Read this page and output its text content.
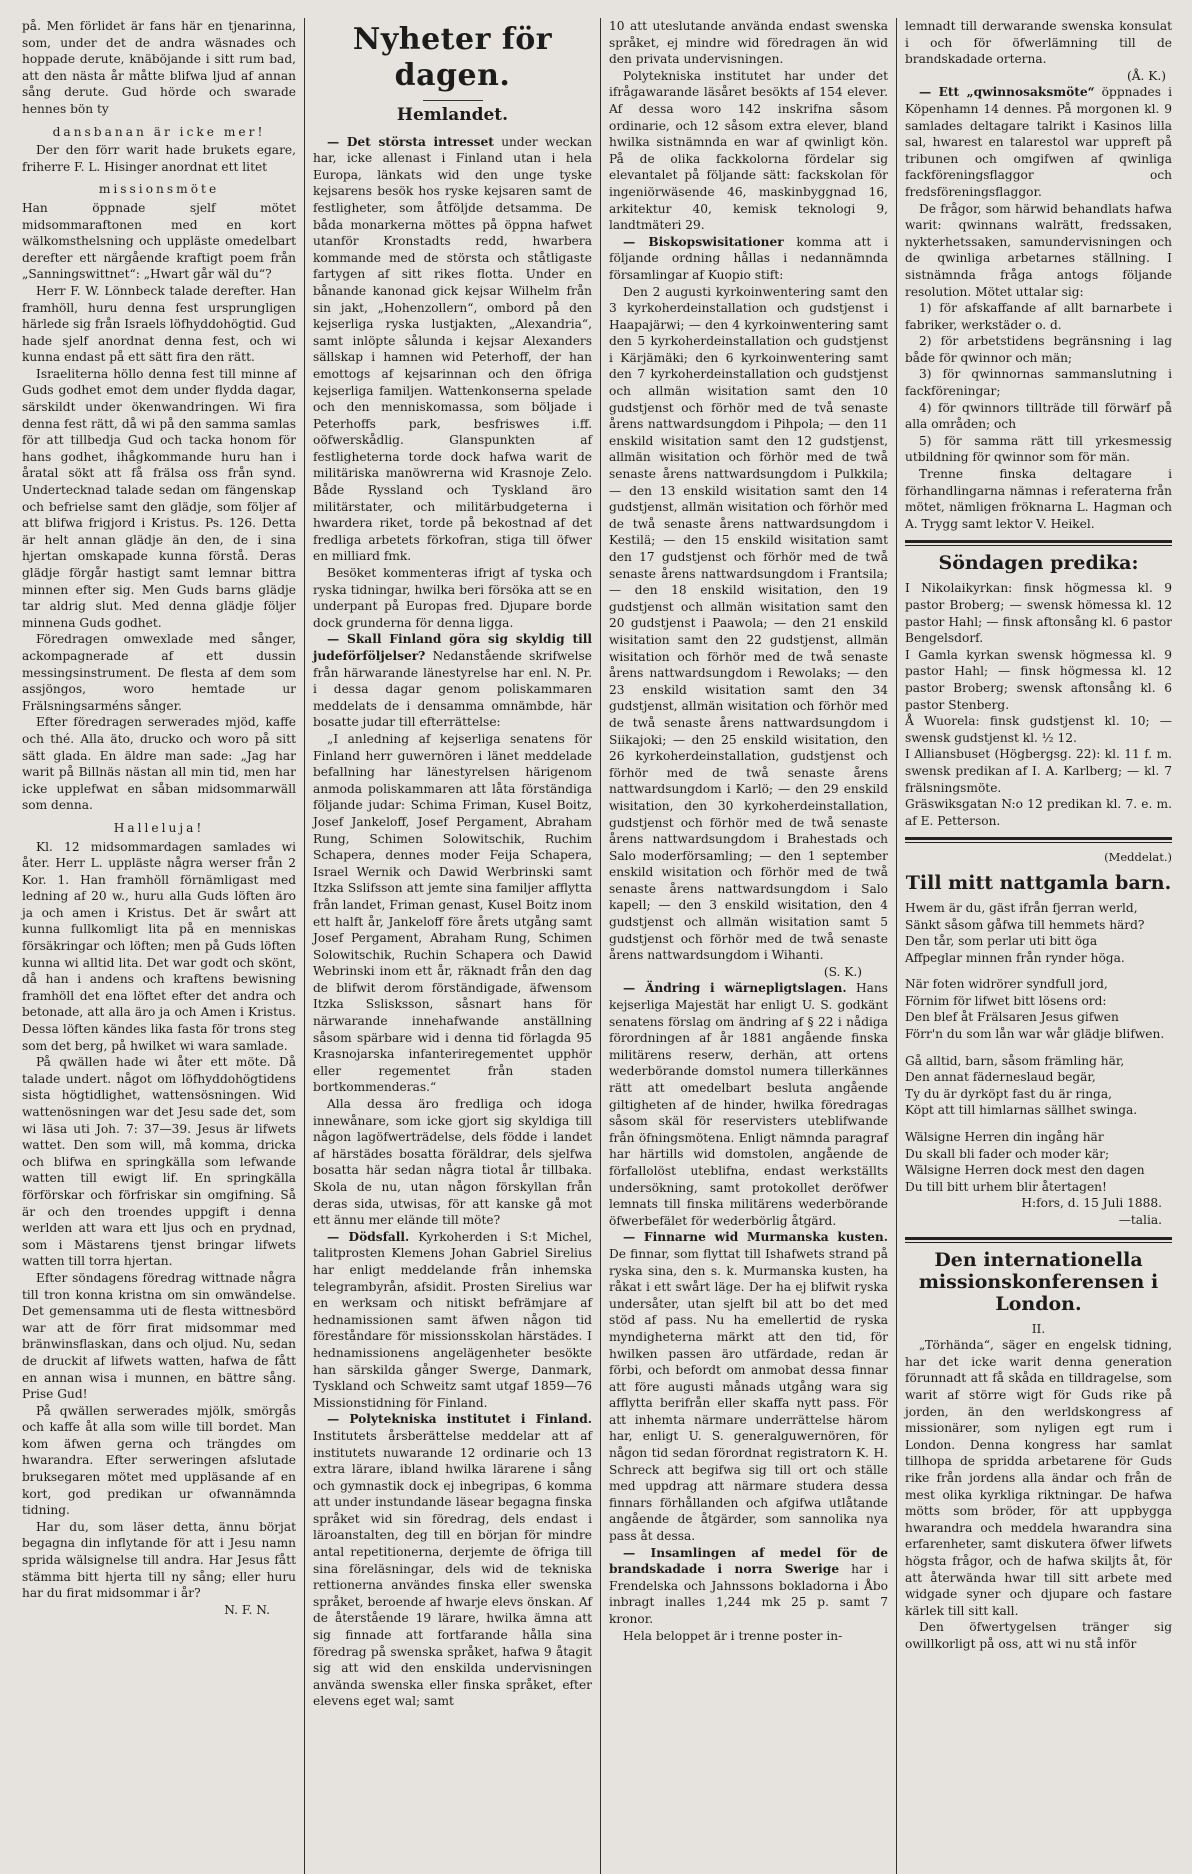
på. Men förlidet är fans här en tjenarinna, som, under det de andra wäsnades och hoppade derute, knäböjande i sitt rum bad, att den nästa år måtte blifwa ljud af annan sång derute. Gud hörde och swarade hennes bön ty

dansbanan är icke mer!

Der den förr warit hade brukets egare, friherre F. L. Hisinger anordnat ett litet

missionsmöte

Han öppnade sjelf mötet midsommaraftonen med en kort wälkomsthelsning och uppläste omedelbart derefter ett närgående kraftigt poem från „Sanningswittnet“: „Hwart går wäl du“?

Herr F. W. Lönnbeck talade derefter. Han framhöll, huru denna fest ursprungligen härlede sig från Israels löfhyddohögtid. Gud hade sjelf anordnat denna fest, och wi kunna endast på ett sätt fira den rätt.

Israeliterna höllo denna fest till minne af Guds godhet emot dem under flydda dagar, särskildt under ökenwandringen. Wi fira denna fest rätt, då wi på den samma samlas för att tillbedja Gud och tacka honom för hans godhet, ihågkommande huru han i åratal sökt att få frälsa oss från synd. Undertecknad talade sedan om fängenskap och befrielse samt den glädje, som följer af att blifwa frigjord i Kristus. Ps. 126. Detta är helt annan glädje än den, de i sina hjertan omskapade kunna förstå. Deras glädje förgår hastigt samt lemnar bittra minnen efter sig. Men Guds barns glädje tar aldrig slut. Med denna glädje följer minnena Guds godhet.

Föredragen omwexlade med sånger, ackompagnerade af ett dussin messingsinstrument. De flesta af dem som assjöngos, woro hemtade ur Frälsningsarméns sånger.

Efter föredragen serwerades mjöd, kaffe och thé. Alla äto, drucko och woro på sitt sätt glada. En äldre man sade: „Jag har warit på Billnäs nästan all min tid, men har icke upplefwat en såban midsommarwäll som denna.

Halleluja!

Kl. 12 midsommardagen samlades wi åter. Herr L. uppläste några werser från 2 Kor. 1. Han framhöll förnämligast med ledning af 20 w., huru alla Guds löften äro ja och amen i Kristus. Det är swårt att kunna fullkomligt lita på en menniskas försäkringar och löften; men på Guds löften kunna wi alltid lita. Det war godt och skönt, då han i andens och kraftens bewisning framhöll det ena löftet efter det andra och betonade, att alla äro ja och Amen i Kristus. Dessa löften kändes lika fasta för trons steg som det berg, på hwilket wi wara samlade.

På qwällen hade wi åter ett möte. Då talade undert. något om löfhyddohögtidens sista högtidlighet, wattensösningen. Wid wattenösningen war det Jesu sade det, som wi läsa uti Joh. 7: 37—39. Jesus är lifwets wattet. Den som will, må komma, dricka och blifwa en springkälla som lefwande watten till ewigt lif. En springkälla förförskar och förfriskar sin omgifning. Så är och den troendes uppgift i denna werlden att wara ett ljus och en prydnad, som i Mästarens tjenst bringar lifwets watten till torra hjertan.

Efter söndagens föredrag wittnade några till tron konna kristna om sin omwändelse. Det gemensamma uti de flesta wittnesbörd war att de förr firat midsommar med bränwinsflaskan, dans och oljud. Nu, sedan de druckit af lifwets watten, hafwa de fått en annan wisa i munnen, en bättre sång. Prise Gud!

På qwällen serwerades mjölk, smörgås och kaffe åt alla som wille till bordet. Man kom äfwen gerna och trängdes om hwarandra. Efter serweringen afslutade bruksegaren mötet med uppläsande af en kort, god predikan ur ofwannämnda tidning.

Har du, som läser detta, ännu börjat begagna din inflytande för att i Jesu namn sprida wälsignelse till andra. Har Jesus fått stämma bitt hjerta till ny sång; eller huru har du firat midsommar i år?

N. F. N.

Nyheter för dagen.
Hemlandet.

— Det största intresset under weckan har, icke allenast i Finland utan i hela Europa, länkats wid den unge tyske kejsarens besök hos ryske kejsaren samt de festligheter, som åtföljde detsamma. De båda monarkerna möttes på öppna hafwet utanför Kronstadts redd, hwarbera kommande med de största och ståtligaste fartygen af sitt rikes flotta. Under en bånande kanonad gick kejsar Wilhelm från sin jakt, „Hohenzollern“, ombord på den kejserliga ryska lustjakten, „Alexandria“, samt inlöpte sålunda i kejsar Alexanders sällskap i hamnen wid Peterhoff, der han emottogs af kejsarinnan och den öfriga kejserliga familjen. Wattenkonserna spelade och den menniskomassa, som böljade i Peterhoffs park, besfriswes i.ff. oöfwerskådlig. Glanspunkten af festligheterna torde dock hafwa warit de militäriska manöwrerna wid Krasnoje Zelo. Både Ryssland och Tyskland äro militärstater, och militärbudgeterna i hwardera riket, torde på bekostnad af det fredliga arbetets förkofran, stiga till öfwer en milliard fmk.

Besöket kommenteras ifrigt af tyska och ryska tidningar, hwilka beri försöka att se en underpant på Europas fred. Djupare borde dock grunderna för denna ligga.

— Skall Finland göra sig skyldig till judeförföljelser? Nedanstående skrifwelse från härwarande länestyrelse har enl. N. Pr. i dessa dagar genom poliskammaren meddelats de i densamma omnämbde, här bosatte judar till efterrättelse:

„I anledning af kejserliga senatens för Finland herr guwernören i länet meddelade befallning har länestyrelsen härigenom anmoda poliskammaren att låta förständiga följande judar: Schima Friman, Kusel Boitz, Josef Jankeloff, Josef Pergament, Abraham Rung, Schimen Solowitschik, Ruchim Schapera, dennes moder Feija Schapera, Israel Wernik och Dawid Werbrinski samt Itzka Sslifsson att jemte sina familjer afflytta från landet, Friman genast, Kusel Boitz inom ett halft år, Jankeloff före årets utgång samt Josef Pergament, Abraham Rung, Schimen Solowitschik, Ruchin Schapera och Dawid Webrinski inom ett år, räknadt från den dag de blifwit derom förständigade, äfwensom Itzka Sslisksson, såsnart hans för närwarande innehafwande anställning såsom spärbare wid i denna tid förlagda 95 Krasnojarska infanteriregementet upphör eller regementet från staden bortkommenderas.“

Alla dessa äro fredliga och idoga innewånare, som icke gjort sig skyldiga till någon lagöfwerträdelse, dels födde i landet af härstädes bosatta föräldrar, dels sjelfwa bosatta här sedan några tiotal år tillbaka. Skola de nu, utan någon förskyllan från deras sida, utwisas, för att kanske gå mot ett ännu mer elände till möte?

— Dödsfall. Kyrkoherden i S:t Michel, talitprosten Klemens Johan Gabriel Sirelius har enligt meddelande från inhemska telegrambyrån, afsidit. Prosten Sirelius war en werksam och nitiskt befrämjare af hednamissionen samt äfwen någon tid föreståndare för missionsskolan härstädes. I hednamissionens angelägenheter besökte han särskilda gånger Swerge, Danmark, Tyskland och Schweitz samt utgaf 1859—76 Missionstidning för Finland.

— Polytekniska institutet i Finland. Institutets årsberättelse meddelar att af institutets nuwarande 12 ordinarie och 13 extra lärare, ibland hwilka lärarene i sång och gymnastik dock ej inbegripas, 6 komma att under instundande läsear begagna finska språket wid sin föredrag, dels endast i läroanstalten, deg till en början för mindre antal repetitionerna, derjemte de öfriga till sina föreläsningar, dels wid de tekniska rettionerna användes finska eller swenska språket, beroende af hwarje elevs önskan. Af de återstående 19 lärare, hwilka ämna att sig finnade att fortfarande hålla sina föredrag på swenska språket, hafwa 9 åtagit sig att wid den enskilda undervisningen använda swenska eller finska språket, efter elevens eget wal; samt

10 att uteslutande använda endast swenska språket, ej mindre wid föredragen än wid den privata undervisningen.

Polytekniska institutet har under det ifrågawarande läsåret besökts af 154 elever. Af dessa woro 142 inskrifna såsom ordinarie, och 12 såsom extra elever, bland hwilka sistnämnda en war af qwinligt kön. På de olika fackkolorna fördelar sig elevantalet på följande sätt: fackskolan för ingeniörwäsende 46, maskinbyggnad 16, arkitektur 40, kemisk teknologi 9, landtmäteri 29.

— Biskopswisitationer komma att i följande ordning hållas i nedannämnda församlingar af Kuopio stift:

Den 2 augusti kyrkoinwentering samt den 3 kyrkoherdeinstallation och gudstjenst i Haapajärwi; — den 4 kyrkoinwentering samt den 5 kyrkoherdeinstallation och gudstjenst i Kärjämäki; den 6 kyrkoinwentering samt den 7 kyrkoherdeinstallation och gudstjenst och allmän wisitation samt den 10 gudstjenst och förhör med de två senaste årens nattwardsungdom i Pihpola; — den 11 enskild wisitation samt den 12 gudstjenst, allmän wisitation och förhör med de twå senaste årens nattwardsungdom i Pulkkila; — den 13 enskild wisitation samt den 14 gudstjenst, allmän wisitation och förhör med de twå senaste årens nattwardsungdom i Kestilä; — den 15 enskild wisitation samt den 17 gudstjenst och förhör med de twå senaste årens nattwardsungdom i Frantsila; — den 18 enskild wisitation, den 19 gudstjenst och allmän wisitation samt den 20 gudstjenst i Paawola; — den 21 enskild wisitation samt den 22 gudstjenst, allmän wisitation och förhör med de twå senaste årens nattwardsungdom i Rewolaks; — den 23 enskild wisitation samt den 34 gudstjenst, allmän wisitation och förhör med de twå senaste årens nattwardsungdom i Siikajoki; — den 25 enskild wisitation, den 26 kyrkoherdeinstallation, gudstjenst och förhör med de twå senaste årens nattwardsungdom i Karlö; — den 29 enskild wisitation, den 30 kyrkoherdeinstallation, gudstjenst och förhör med de twå senaste årens nattwardsungdom i Brahestads och Salo moderförsamling; — den 1 september enskild wisitation och förhör med de twå senaste årens nattwardsungdom i Salo kapell; — den 3 enskild wisitation, den 4 gudstjenst och allmän wisitation samt 5 gudstjenst och förhör med de twå senaste årens nattwardsungdom i Wihanti.

(S. K.)

— Ändring i wärnepligtslagen. Hans kejserliga Majestät har enligt U. S. godkänt senatens förslag om ändring af § 22 i nådiga förordningen af år 1881 angående finska militärens reserw, derhän, att ortens wederbörande domstol numera tillerkännes rätt att omedelbart besluta angående giltigheten af de hinder, hwilka föredragas såsom skäl för reservisters uteblifwande från öfningsmötena. Enligt nämnda paragraf har härtills wid domstolen, angående de förfallolöst uteblifna, endast werkställts undersökning, samt protokollet deröfwer lemnats till finska militärens wederbörande öfwerbefälet för wederbörlig åtgärd.

— Finnarne wid Murmanska kusten. De finnar, som flyttat till Ishafwets strand på ryska sina, den s. k. Murmanska kusten, ha råkat i ett swårt läge. Der ha ej blifwit ryska undersåter, utan sjelft bil att bo det med stöd af pass. Nu ha emellertid de ryska myndigheterna märkt att den tid, för hwilken passen äro utfärdade, redan är förbi, och befordt om anmobat dessa finnar att före augusti månads utgång wara sig afflytta berifrån eller skaffa nytt pass. För att inhemta närmare underrättelse härom har, enligt U. S. generalguwernören, för någon tid sedan förordnat registratorn K. H. Schreck att begifwa sig till ort och ställe med uppdrag att närmare studera dessa finnars förhållanden och afgifwa utlåtande angående de åtgärder, som sannolika nya pass åt dessa.

— Insamlingen af medel för de brandskadade i norra Swerige har i Frendelska och Jahnssons bokladorna i Åbo inbragt inalles 1,244 mk 25 p. samt 7 kronor.

Hela beloppet är i trenne poster in-

lemnadt till derwarande swenska konsulat i och för öfwerlämning till de brandskadade orterna.

(Å. K.)

— Ett „qwinnosaksmöte“ öppnades i Köpenhamn 14 dennes. På morgonen kl. 9 samlades deltagare talrikt i Kasinos lilla sal, hwarest en talarestol war uppreft på tribunen och omgifwen af qwinliga fackföreningsflaggor och fredsföreningsflaggor.

De frågor, som härwid behandlats hafwa warit: qwinnans walrätt, fredssaken, nykterhetssaken, samundervisningen och de qwinliga arbetarnes ställning. I sistnämnda fråga antogs följande resolution. Mötet uttalar sig:

1) för afskaffande af allt barnarbete i fabriker, werkstäder o. d.

2) för arbetstidens begränsning i lag både för qwinnor och män;

3) för qwinnornas sammanslutning i fackföreningar;

4) för qwinnors tillträde till förwärf på alla områden; och

5) för samma rätt till yrkesmessig utbildning för qwinnor som för män.

Trenne finska deltagare i förhandlingarna nämnas i referaterna från mötet, nämligen fröknarna L. Hagman och A. Trygg samt lektor V. Heikel.

Söndagen predika:

I Nikolaikyrkan: finsk högmessa kl. 9 pastor Broberg; — swensk hömessa kl. 12 pastor Hahl; — finsk aftonsång kl. 6 pastor Bengelsdorf.

I Gamla kyrkan swensk högmessa kl. 9 pastor Hahl; — finsk högmessa kl. 12 pastor Broberg; swensk aftonsång kl. 6 pastor Stenberg.

Å Wuorela: finsk gudstjenst kl. 10; — swensk gudstjenst kl. ½ 12.

I Alliansbuset (Högbergsg. 22): kl. 11 f. m. swensk predikan af I. A. Karlberg; — kl. 7 frälsningsmöte.

Gräswiksgatan N:o 12 predikan kl. 7. e. m. af E. Petterson.

(Meddelat.)

Till mitt nattgamla barn.

Hwem är du, gäst ifrån fjerran werld,

Sänkt såsom gåfwa till hemmets härd?

Den tår, som perlar uti bitt öga

Affpeglar minnen från rynder höga.

När foten widrörer syndfull jord,

Förnim för lifwet bitt lösens ord:

Den blef åt Frälsaren Jesus gifwen

Förr'n du som lån war wår glädje blifwen.

Gå alltid, barn, såsom främling här,

Den annat fäderneslaud begär,

Ty du är dyrköpt fast du är ringa,

Köpt att till himlarnas sällhet swinga.

Wälsigne Herren din ingång här

Du skall bli fader och moder kär;

Wälsigne Herren dock mest den dagen

Du till bitt urhem blir återtagen!

H:fors, d. 15 Juli 1888.

—talia.

Den internationella missionskonferensen i London.

II.

„Törhända“, säger en engelsk tidning, har det icke warit denna generation förunnadt att få skåda en tilldragelse, som warit af större wigt för Guds rike på jorden, än den werldskongress af missionärer, som nyligen egt rum i London. Denna kongress har samlat tillhopa de spridda arbetarene för Guds rike från jordens alla ändar och från de mest olika kyrkliga riktningar. De hafwa mötts som bröder, för att uppbygga hwarandra och meddela hwarandra sina erfarenheter, samt diskutera öfwer lifwets högsta frågor, och de hafwa skiljts åt, för att återwända hwar till sitt arbete med widgade syner och djupare och fastare kärlek till sitt kall.

Den öfwertygelsen tränger sig owillkorligt på oss, att wi nu stå inför
